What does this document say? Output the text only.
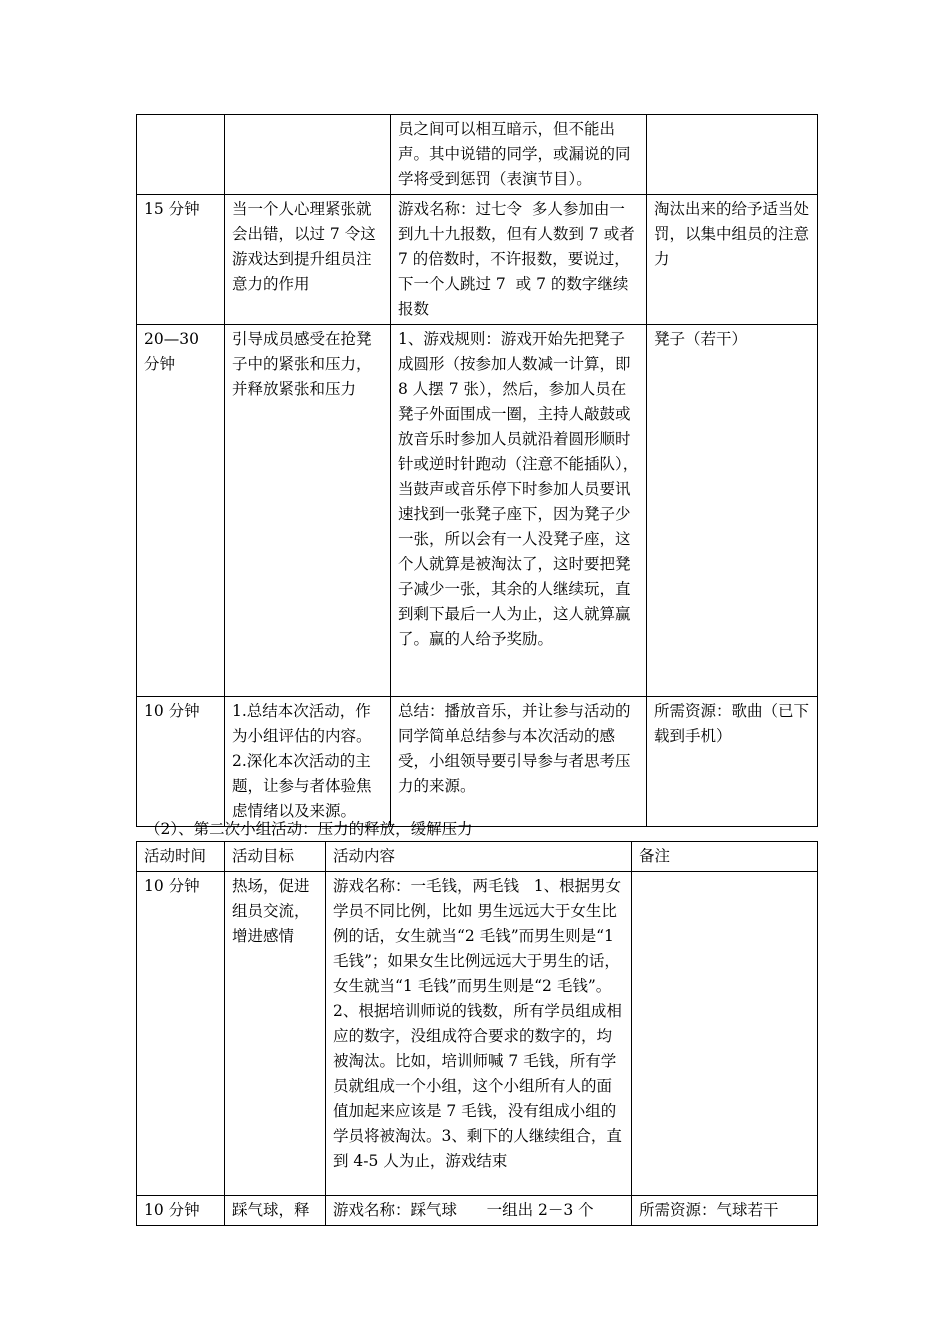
		员之间可以相互暗示，但不能出声。其中说错的同学，或漏说的同学将受到惩罚（表演节目）。	
15 分钟	当一个人心理紧张就会出错，以过 7 令这游戏达到提升组员注意力的作用	游戏名称：过七令  多人参加由一到九十九报数，但有人数到 7 或者 7 的倍数时，不许报数，要说过，下一个人跳过 7  或 7 的数字继续报数	淘汰出来的给予适当处罚，以集中组员的注意力
20—30 分钟	引导成员感受在抢凳子中的紧张和压力，并释放紧张和压力	1、游戏规则：游戏开始先把凳子成圆形（按参加人数减一计算，即 8 人摆 7 张），然后，参加人员在凳子外面围成一圈，主持人敲鼓或放音乐时参加人员就沿着圆形顺时针或逆时针跑动（注意不能插队），当鼓声或音乐停下时参加人员要讯速找到一张凳子座下，因为凳子少一张，所以会有一人没凳子座，这个人就算是被淘汰了，这时要把凳子减少一张，其余的人继续玩，直到剩下最后一人为止，这人就算赢了。赢的人给予奖励。	凳子（若干）
10 分钟	1.总结本次活动，作为小组评估的内容。2.深化本次活动的主题，让参与者体验焦虑情绪以及来源。	总结：播放音乐，并让参与活动的同学简单总结参与本次活动的感受，小组领导要引导参与者思考压力的来源。	所需资源：歌曲（已下载到手机）
（2）、第二次小组活动：压力的释放，缓解压力
活动时间	活动目标	活动内容	备注
10 分钟	热场，促进组员交流，增进感情	游戏名称：一毛钱，两毛钱   1、根据男女学员不同比例，比如 男生远远大于女生比例的话，女生就当“2 毛钱”而男生则是“1 毛钱”；如果女生比例远远大于男生的话，女生就当“1 毛钱”而男生则是“2 毛钱”。2、根据培训师说的钱数，所有学员组成相应的数字，没组成符合要求的数字的，均 被淘汰。比如，培训师喊 7 毛钱，所有学员就组成一个小组，这个小组所有人的面值加起来应该是 7 毛钱，没有组成小组的学员将被淘汰。3、剩下的人继续组合，直到 4-5 人为止，游戏结束	
10 分钟	踩气球，释	游戏名称：踩气球      一组出 2－3 个	所需资源：气球若干
